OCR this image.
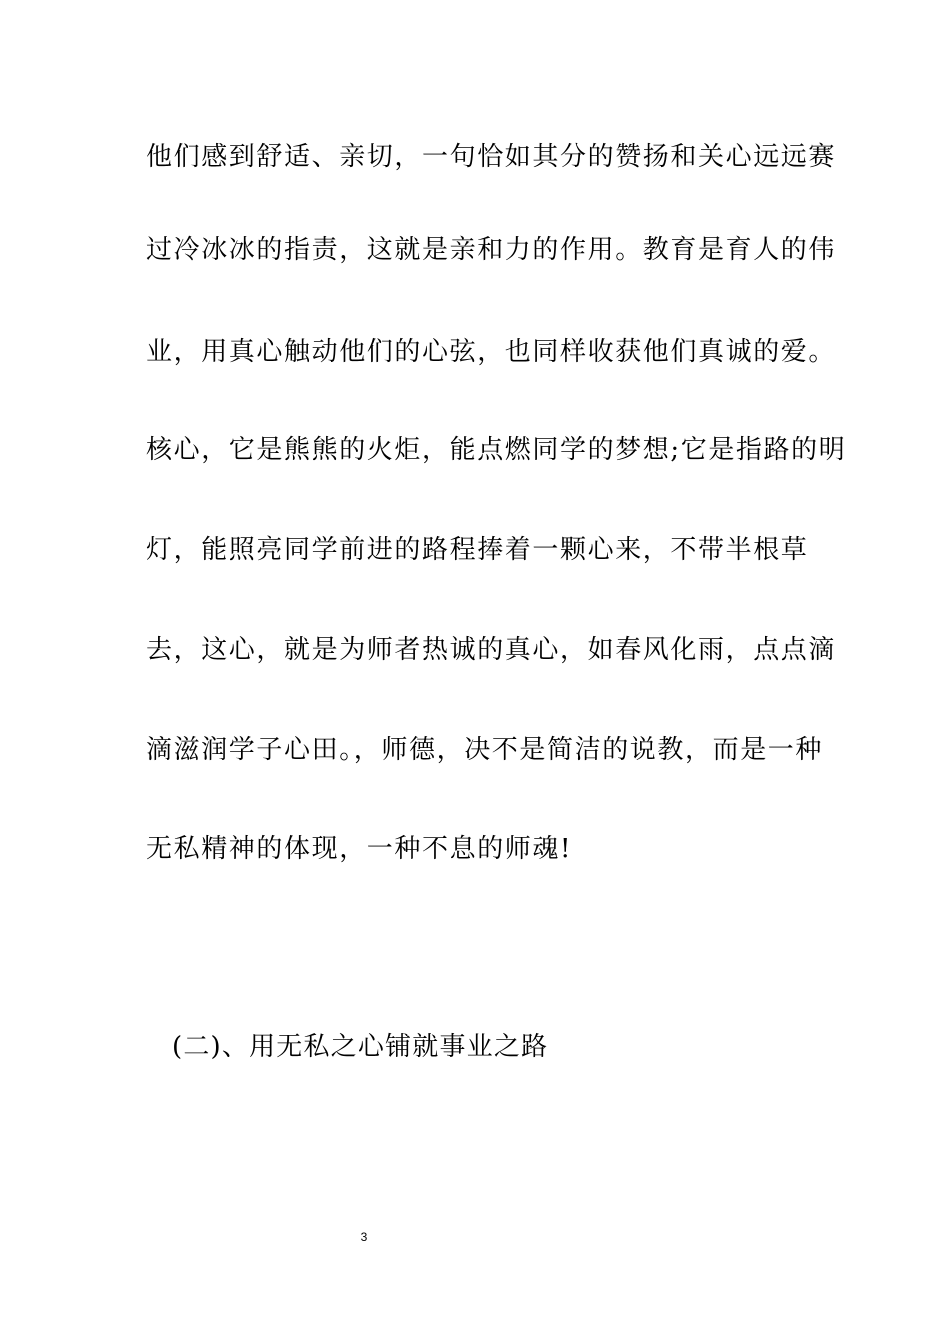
他们感到舒适、亲切，一句恰如其分的赞扬和关心远远赛
过冷冰冰的指责，这就是亲和力的作用。教育是育人的伟
业，用真心触动他们的心弦，也同样收获他们真诚的爱。
核心，它是熊熊的火炬，能点燃同学的梦想;它是指路的明
灯，能照亮同学前进的路程捧着一颗心来，不带半根草
去，这心，就是为师者热诚的真心，如春风化雨，点点滴
滴滋润学子心田。，师德，决不是简洁的说教，而是一种
无私精神的体现，一种不息的师魂!
(二)、用无私之心铺就事业之路
3
